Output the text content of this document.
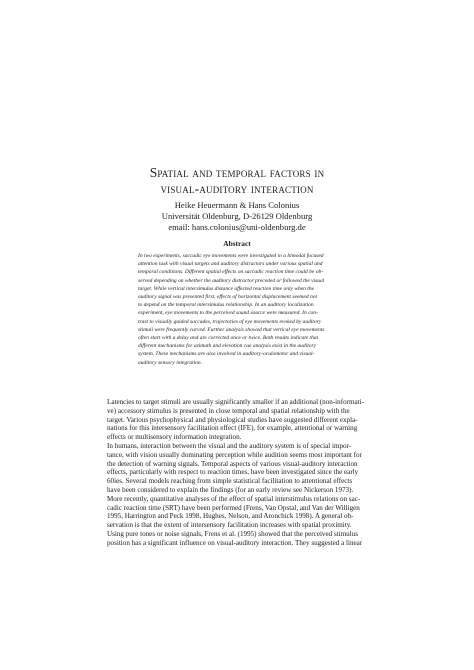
Spatial and temporal factors in
visual-auditory interaction
Heike Heuermann & Hans Colonius
Universität Oldenburg, D-26129 Oldenburg
email: hans.colonius@uni-oldenburg.de
Abstract
In two experiments, saccadic eye movements were investigated in a bimodal focused
attention task with visual targets and auditory distractors under various spatial and
temporal conditions. Different spatial effects on saccadic reaction time could be ob-
served depending on whether the auditory distractor preceded or followed the visual
target. While vertical intersimulus distance affected reaction time only when the
auditory signal was presented first, effects of horizontal displacement seemed not
to depend on the temporal intersimulus relationship. In an auditory localization
experiment, eye movements to the perceived sound source were measured. In con-
trast to visually guided saccades, trajectories of eye movements evoked by auditory
stimuli were frequently curved. Further analysis showed that vertical eye movements
often start with a delay and are corrected once or twice. Both results indicate that
different mechanisms for azimuth and elevation cue analysis exist in the auditory
system. These mechanisms are also involved in auditory-oculomotor and visual-
auditory sensory integration.
Latencies to target stimuli are usually significantly smaller if an additional (non-informati-
ve) accessory stimulus is presented in close temporal and spatial relationship with the
target. Various psychophysical and physiological studies have suggested different expla-
nations for this intersensory facilitation effect (IFE), for example, attentional or warning
effects or multisensory information integration.
In humans, interaction between the visual and the auditory system is of special impor-
tance, with vision usually dominating perception while audition seems most important for
the detection of warning signals. Temporal aspects of various visual-auditory interaction
effects, particularly with respect to reaction times, have been investigated since the early
60ies. Several models reaching from simple statistical facilitation to attentional effects
have been considered to explain the findings (for an early review see Nickerson 1973).
More recently, quantitative analyses of the effect of spatial interstimulus relations on sac-
cadic reaction time (SRT) have been performed (Frens, Van Opstal, and Van der Willigen
1995, Harrington and Peck 1998, Hughes, Nelson, and Aronchick 1998). A general ob-
servation is that the extent of intersensory facilitation increases with spatial proximity.
Using pure tones or noise signals, Frens et al. (1995) showed that the perceived stimulus
position has a significant influence on visual-auditory interaction. They suggested a linear
